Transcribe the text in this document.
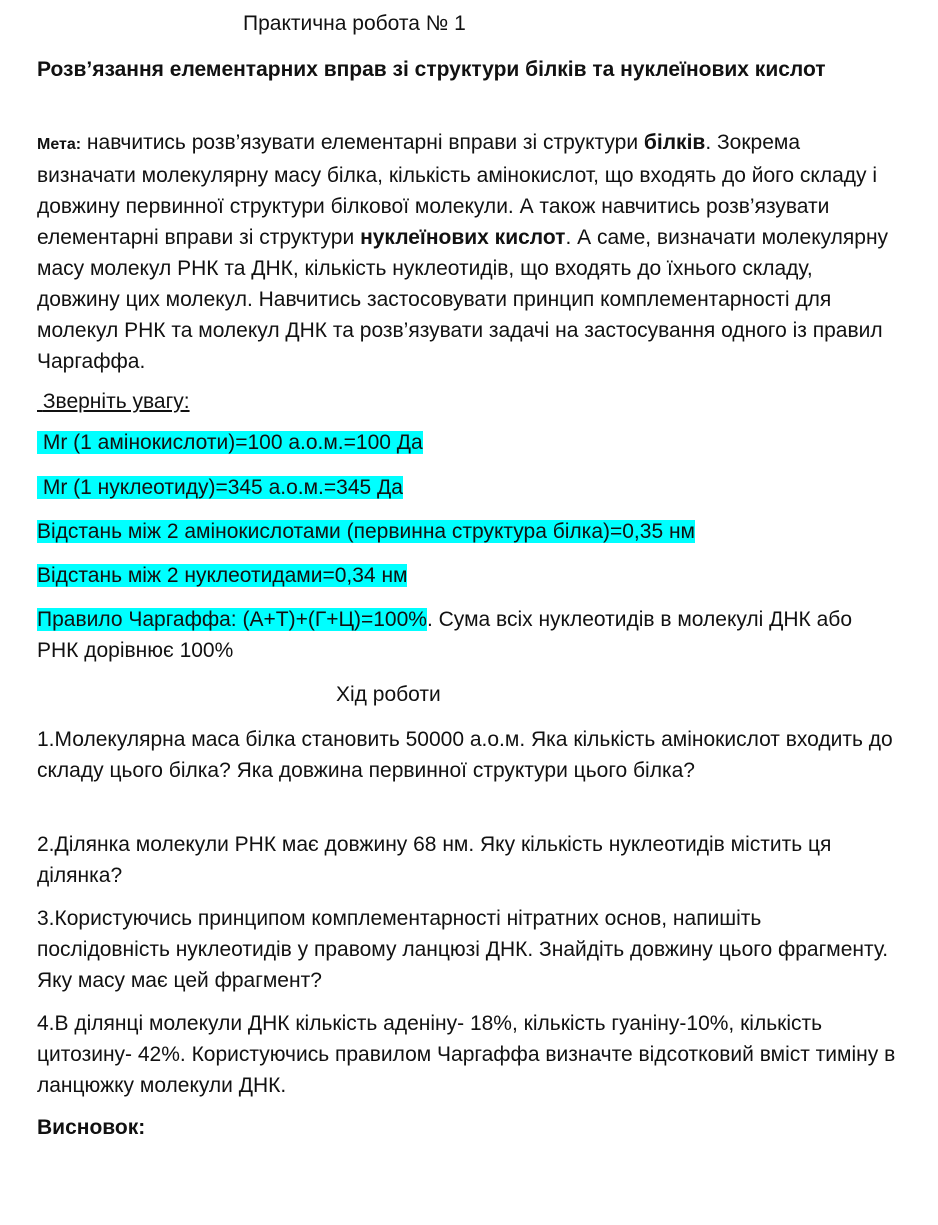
Практична робота № 1
Розв’язання елементарних вправ зі структури білків та нуклеїнових кислот

Мета: навчитись розв’язувати елементарні вправи зі структури білків. Зокрема визначати молекулярну масу білка, кількість амінокислот, що входять до його складу і довжину первинної структури білкової молекули. А також навчитись розв’язувати елементарні вправи зі структури нуклеїнових кислот. А саме, визначати молекулярну масу молекул РНК та ДНК, кількість нуклеотидів, що входять до їхнього складу, довжину цих молекул. Навчитись застосовувати принцип комплементарності для молекул РНК та молекул ДНК та розв’язувати задачі на застосування одного із правил Чаргаффа.

Зверніть увагу:

Mr (1 амінокислоти)=100 а.о.м.=100 Да

Mr (1 нуклеотиду)=345 а.о.м.=345 Да

Відстань між 2 амінокислотами (первинна структура білка)=0,35 нм

Відстань між 2 нуклеотидами=0,34 нм

Правило Чаргаффа: (А+Т)+(Г+Ц)=100%. Сума всіх нуклеотидів в молекулі ДНК або РНК дорівнює 100%

Хід роботи

1.Молекулярна маса білка становить 50000 а.о.м. Яка кількість амінокислот входить до складу цього білка? Яка довжина первинної структури цього білка?

2.Ділянка молекули РНК має довжину 68 нм. Яку кількість нуклеотидів містить ця ділянка?

3.Користуючись принципом комплементарності нітратних основ, напишіть послідовність нуклеотидів у правому ланцюзі ДНК. Знайдіть довжину цього фрагменту. Яку масу має цей фрагмент?

4.В ділянці молекули ДНК кількість аденіну- 18%, кількість гуаніну-10%, кількість цитозину- 42%. Користуючись правилом Чаргаффа визначте відсотковий вміст тиміну в ланцюжку молекули ДНК.

Висновок:
